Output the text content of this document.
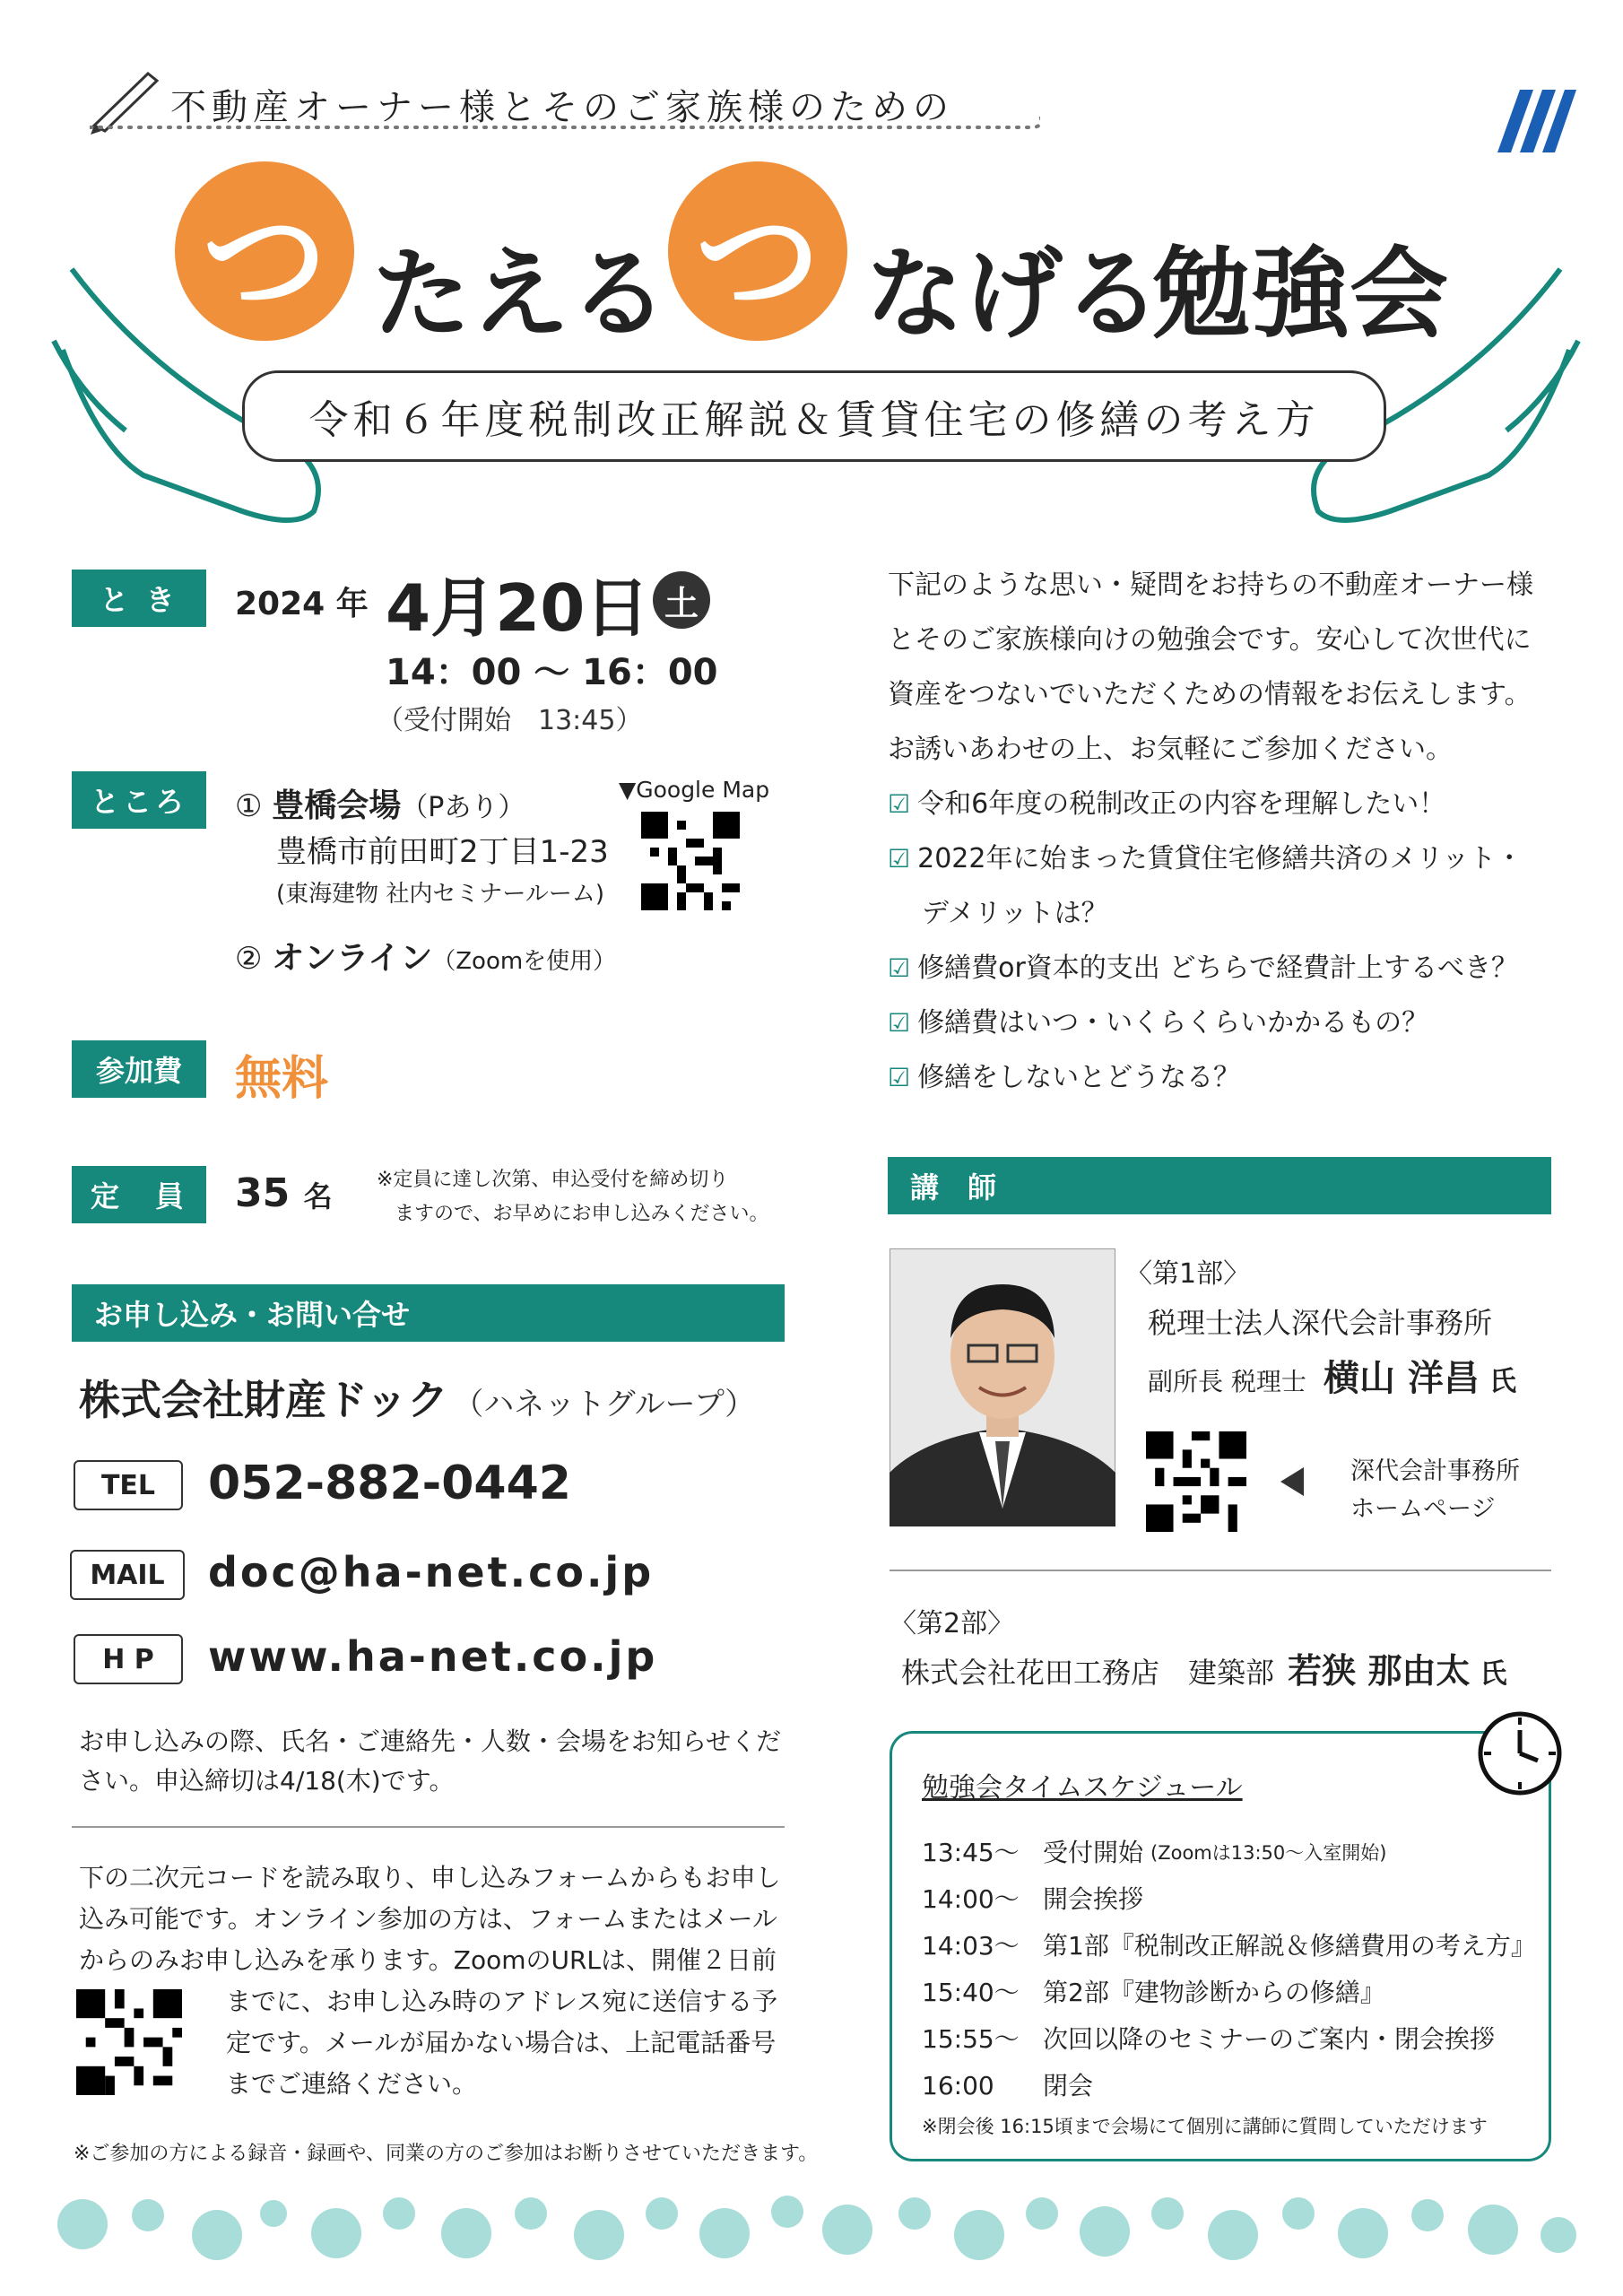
不動産オーナー様とそのご家族様のための
つ たえる つ なげる
勉強会
令和６年度税制改正解説＆賃貸住宅の修繕の考え方
と き	2024 年 4月20日 土
14：00 ～ 16：00
（受付開始　13:45）
ところ	① 豊橋会場（Pあり）
豊橋市前田町2丁目1-23
(東海建物 社内セミナールーム)
▼Google Map
② オンライン（Zoomを使用）
参加費	無料
定　員	35 名 ※定員に達し次第、申込受付を締め切り
ますので、お早めにお申し込みください。
お申し込み・お問い合せ
株式会社財産ドック （ハネットグループ）
TEL	052-882-0442
MAIL	doc@ha-net.co.jp
H P	www.ha-net.co.jp
お申し込みの際、氏名・ご連絡先・人数・会場をお知らせくだ
さい。申込締切は4/18(木)です。
下の二次元コードを読み取り、申し込みフォームからもお申し
込み可能です。オンライン参加の方は、フォームまたはメール
からのみお申し込みを承ります。ZoomのURLは、開催２日前
までに、お申し込み時のアドレス宛に送信する予
定です。メールが届かない場合は、上記電話番号
までご連絡ください。
※ご参加の方による録音・録画や、同業の方のご参加はお断りさせていただきます。
下記のような思い・疑問をお持ちの不動産オーナー様
とそのご家族様向けの勉強会です。安心して次世代に
資産をつないでいただくための情報をお伝えします。
お誘いあわせの上、お気軽にご参加ください。
☑ 令和6年度の税制改正の内容を理解したい！
☑ 2022年に始まった賃貸住宅修繕共済のメリット・
デメリットは？
☑ 修繕費or資本的支出 どちらで経費計上するべき？
☑ 修繕費はいつ・いくらくらいかかるもの？
☑ 修繕をしないとどうなる？
講　師
〈第1部〉
税理士法人深代会計事務所
副所長 税理士 横山 洋昌 氏
深代会計事務所
ホームページ
〈第2部〉
株式会社花田工務店　建築部 若狭 那由太 氏
勉強会タイムスケジュール
13:45～ 受付開始 (Zoomは13:50～入室開始)
14:00～ 開会挨拶
14:03～ 第1部『税制改正解説＆修繕費用の考え方』
15:40～ 第2部『建物診断からの修繕』
15:55～ 次回以降のセミナーのご案内・閉会挨拶
16:00	閉会
※閉会後 16:15頃まで会場にて個別に講師に質問していただけます
